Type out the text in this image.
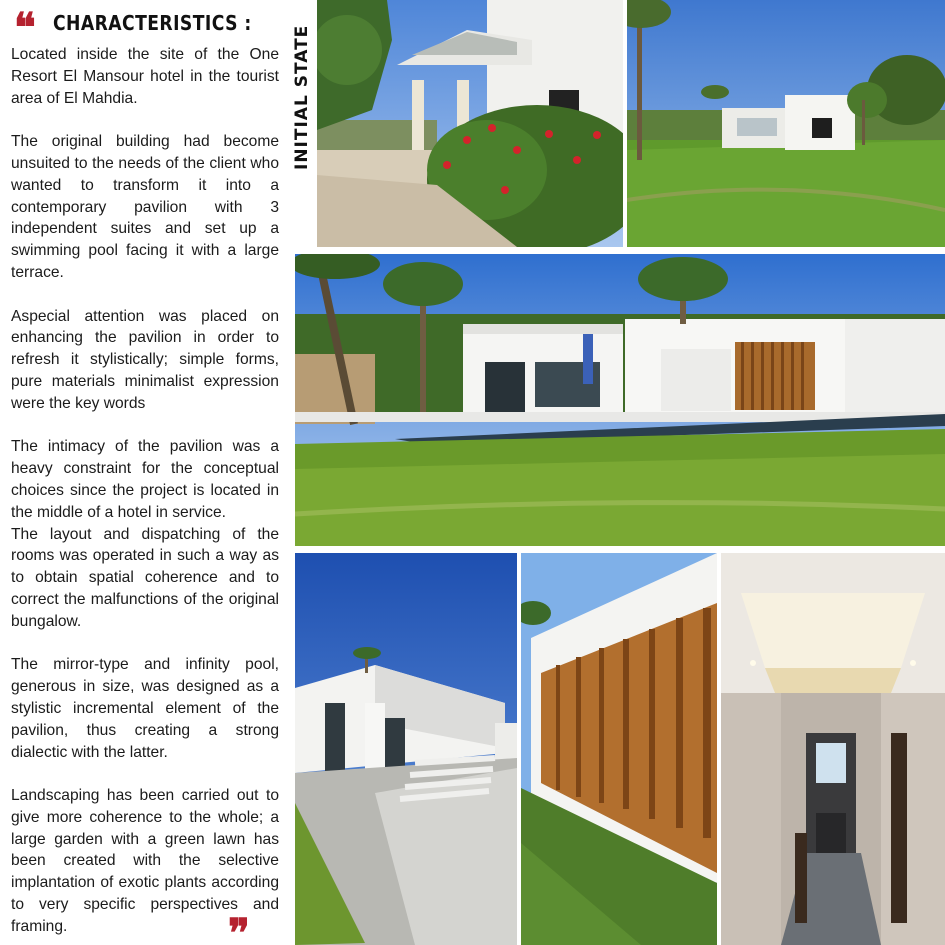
❛❛ CHARACTERISTICS :

Located inside the site of the One Resort El Mansour hotel in the tourist area of El Mahdia.

The original building had become unsuited to the needs of the client who wanted to transform it into a contemporary pavilion with 3 independent suites and set up a swimming pool facing it with a large terrace.

Aspecial attention was placed on enhancing the pavilion in order to refresh it stylistically; simple forms, pure materials minimalist expression were the key words

The intimacy of the pavilion was a heavy constraint for the conceptual choices since the project is located in the middle of a hotel in service.

The layout and dispatching of the rooms was operated in such a way as to obtain spatial coherence and to correct the malfunctions of the original bungalow.

The mirror-type and infinity pool, generous in size, was designed as a stylistic incremental element of the pavilion, thus creating a strong dialectic with the latter.

Landscaping has been carried out to give more coherence to the whole; a large garden with a green lawn has been created with the selective implantation of exotic plants according to very specific perspectives and framing.	❜❜
INITIAL STATE
